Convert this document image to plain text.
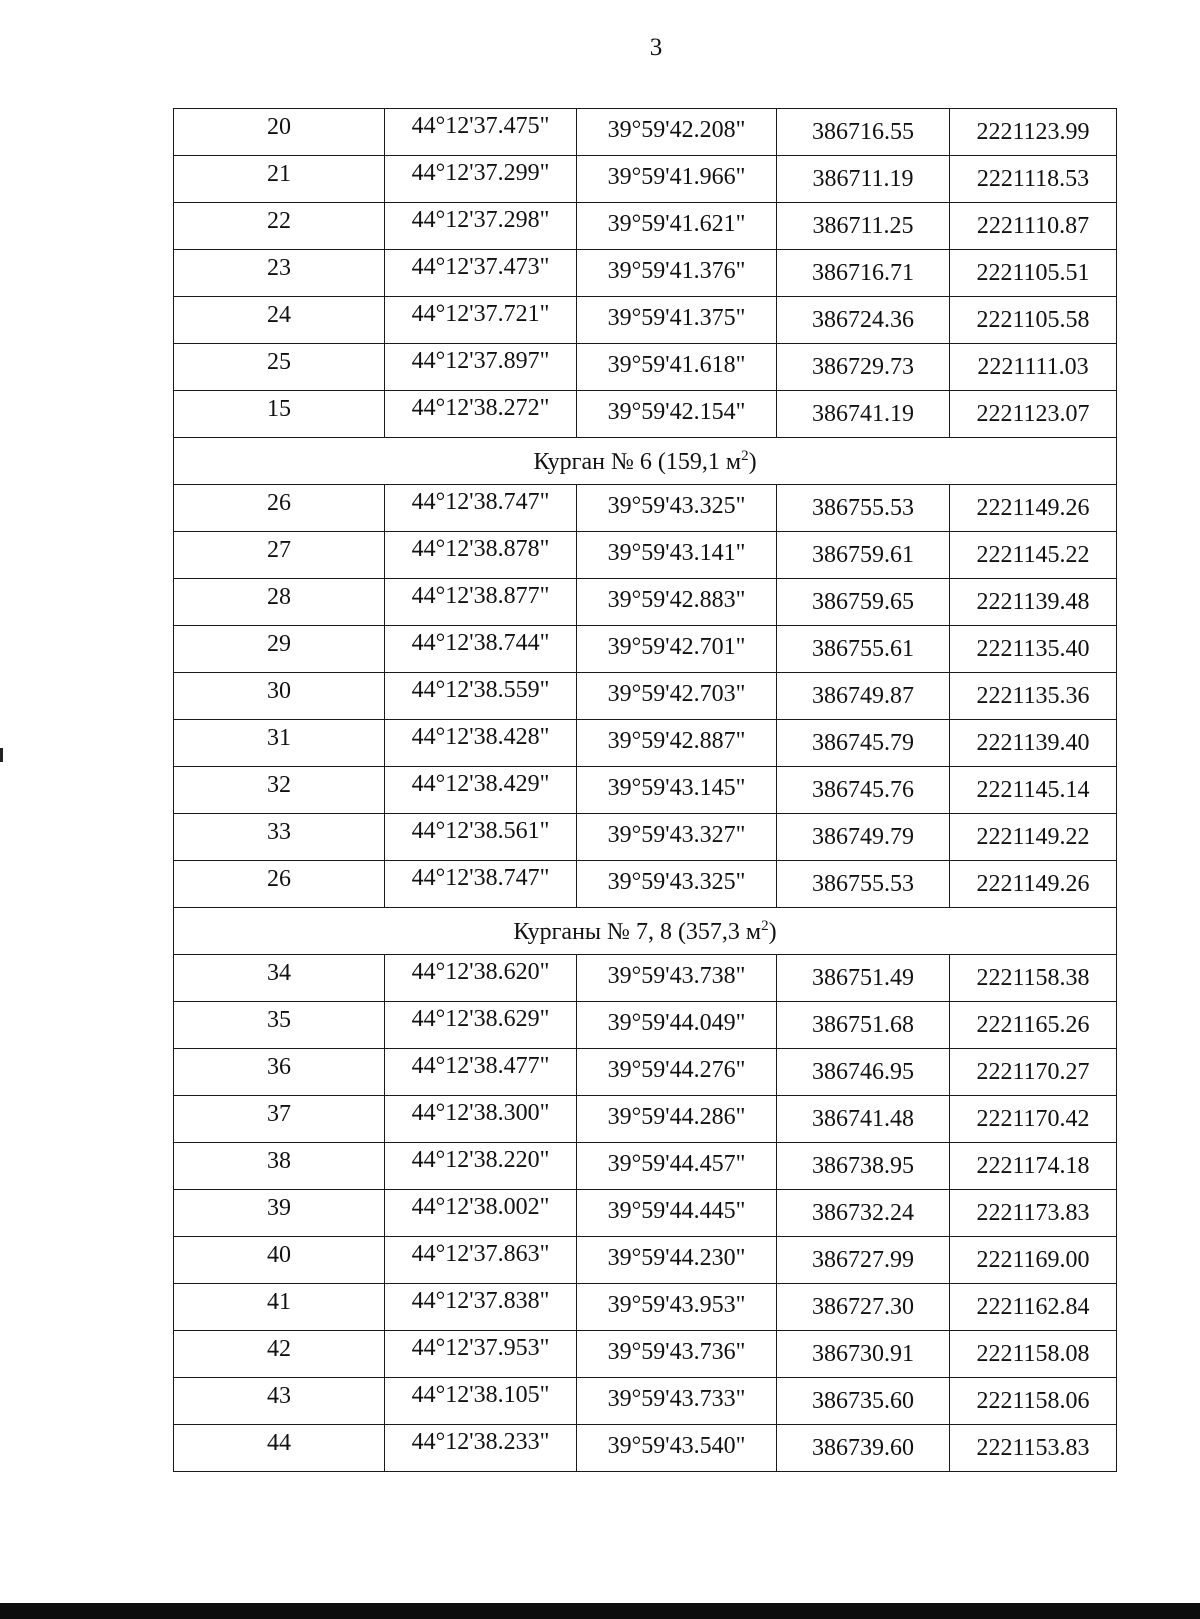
3
20	44°12'37.475"	39°59'42.208"	386716.55	2221123.99
21	44°12'37.299"	39°59'41.966"	386711.19	2221118.53
22	44°12'37.298"	39°59'41.621"	386711.25	2221110.87
23	44°12'37.473"	39°59'41.376"	386716.71	2221105.51
24	44°12'37.721"	39°59'41.375"	386724.36	2221105.58
25	44°12'37.897"	39°59'41.618"	386729.73	2221111.03
15	44°12'38.272"	39°59'42.154"	386741.19	2221123.07
Курган № 6 (159,1 $м^2$)				
26	44°12'38.747"	39°59'43.325"	386755.53	2221149.26
27	44°12'38.878"	39°59'43.141"	386759.61	2221145.22
28	44°12'38.877"	39°59'42.883"	386759.65	2221139.48
29	44°12'38.744"	39°59'42.701"	386755.61	2221135.40
30	44°12'38.559"	39°59'42.703"	386749.87	2221135.36
31	44°12'38.428"	39°59'42.887"	386745.79	2221139.40
32	44°12'38.429"	39°59'43.145"	386745.76	2221145.14
33	44°12'38.561"	39°59'43.327"	386749.79	2221149.22
26	44°12'38.747"	39°59'43.325"	386755.53	2221149.26
Курганы № 7, 8 (357,3 $м^2$)				
34	44°12'38.620"	39°59'43.738"	386751.49	2221158.38
35	44°12'38.629"	39°59'44.049"	386751.68	2221165.26
36	44°12'38.477"	39°59'44.276"	386746.95	2221170.27
37	44°12'38.300"	39°59'44.286"	386741.48	2221170.42
38	44°12'38.220"	39°59'44.457"	386738.95	2221174.18
39	44°12'38.002"	39°59'44.445"	386732.24	2221173.83
40	44°12'37.863"	39°59'44.230"	386727.99	2221169.00
41	44°12'37.838"	39°59'43.953"	386727.30	2221162.84
42	44°12'37.953"	39°59'43.736"	386730.91	2221158.08
43	44°12'38.105"	39°59'43.733"	386735.60	2221158.06
44	44°12'38.233"	39°59'43.540"	386739.60	2221153.83
